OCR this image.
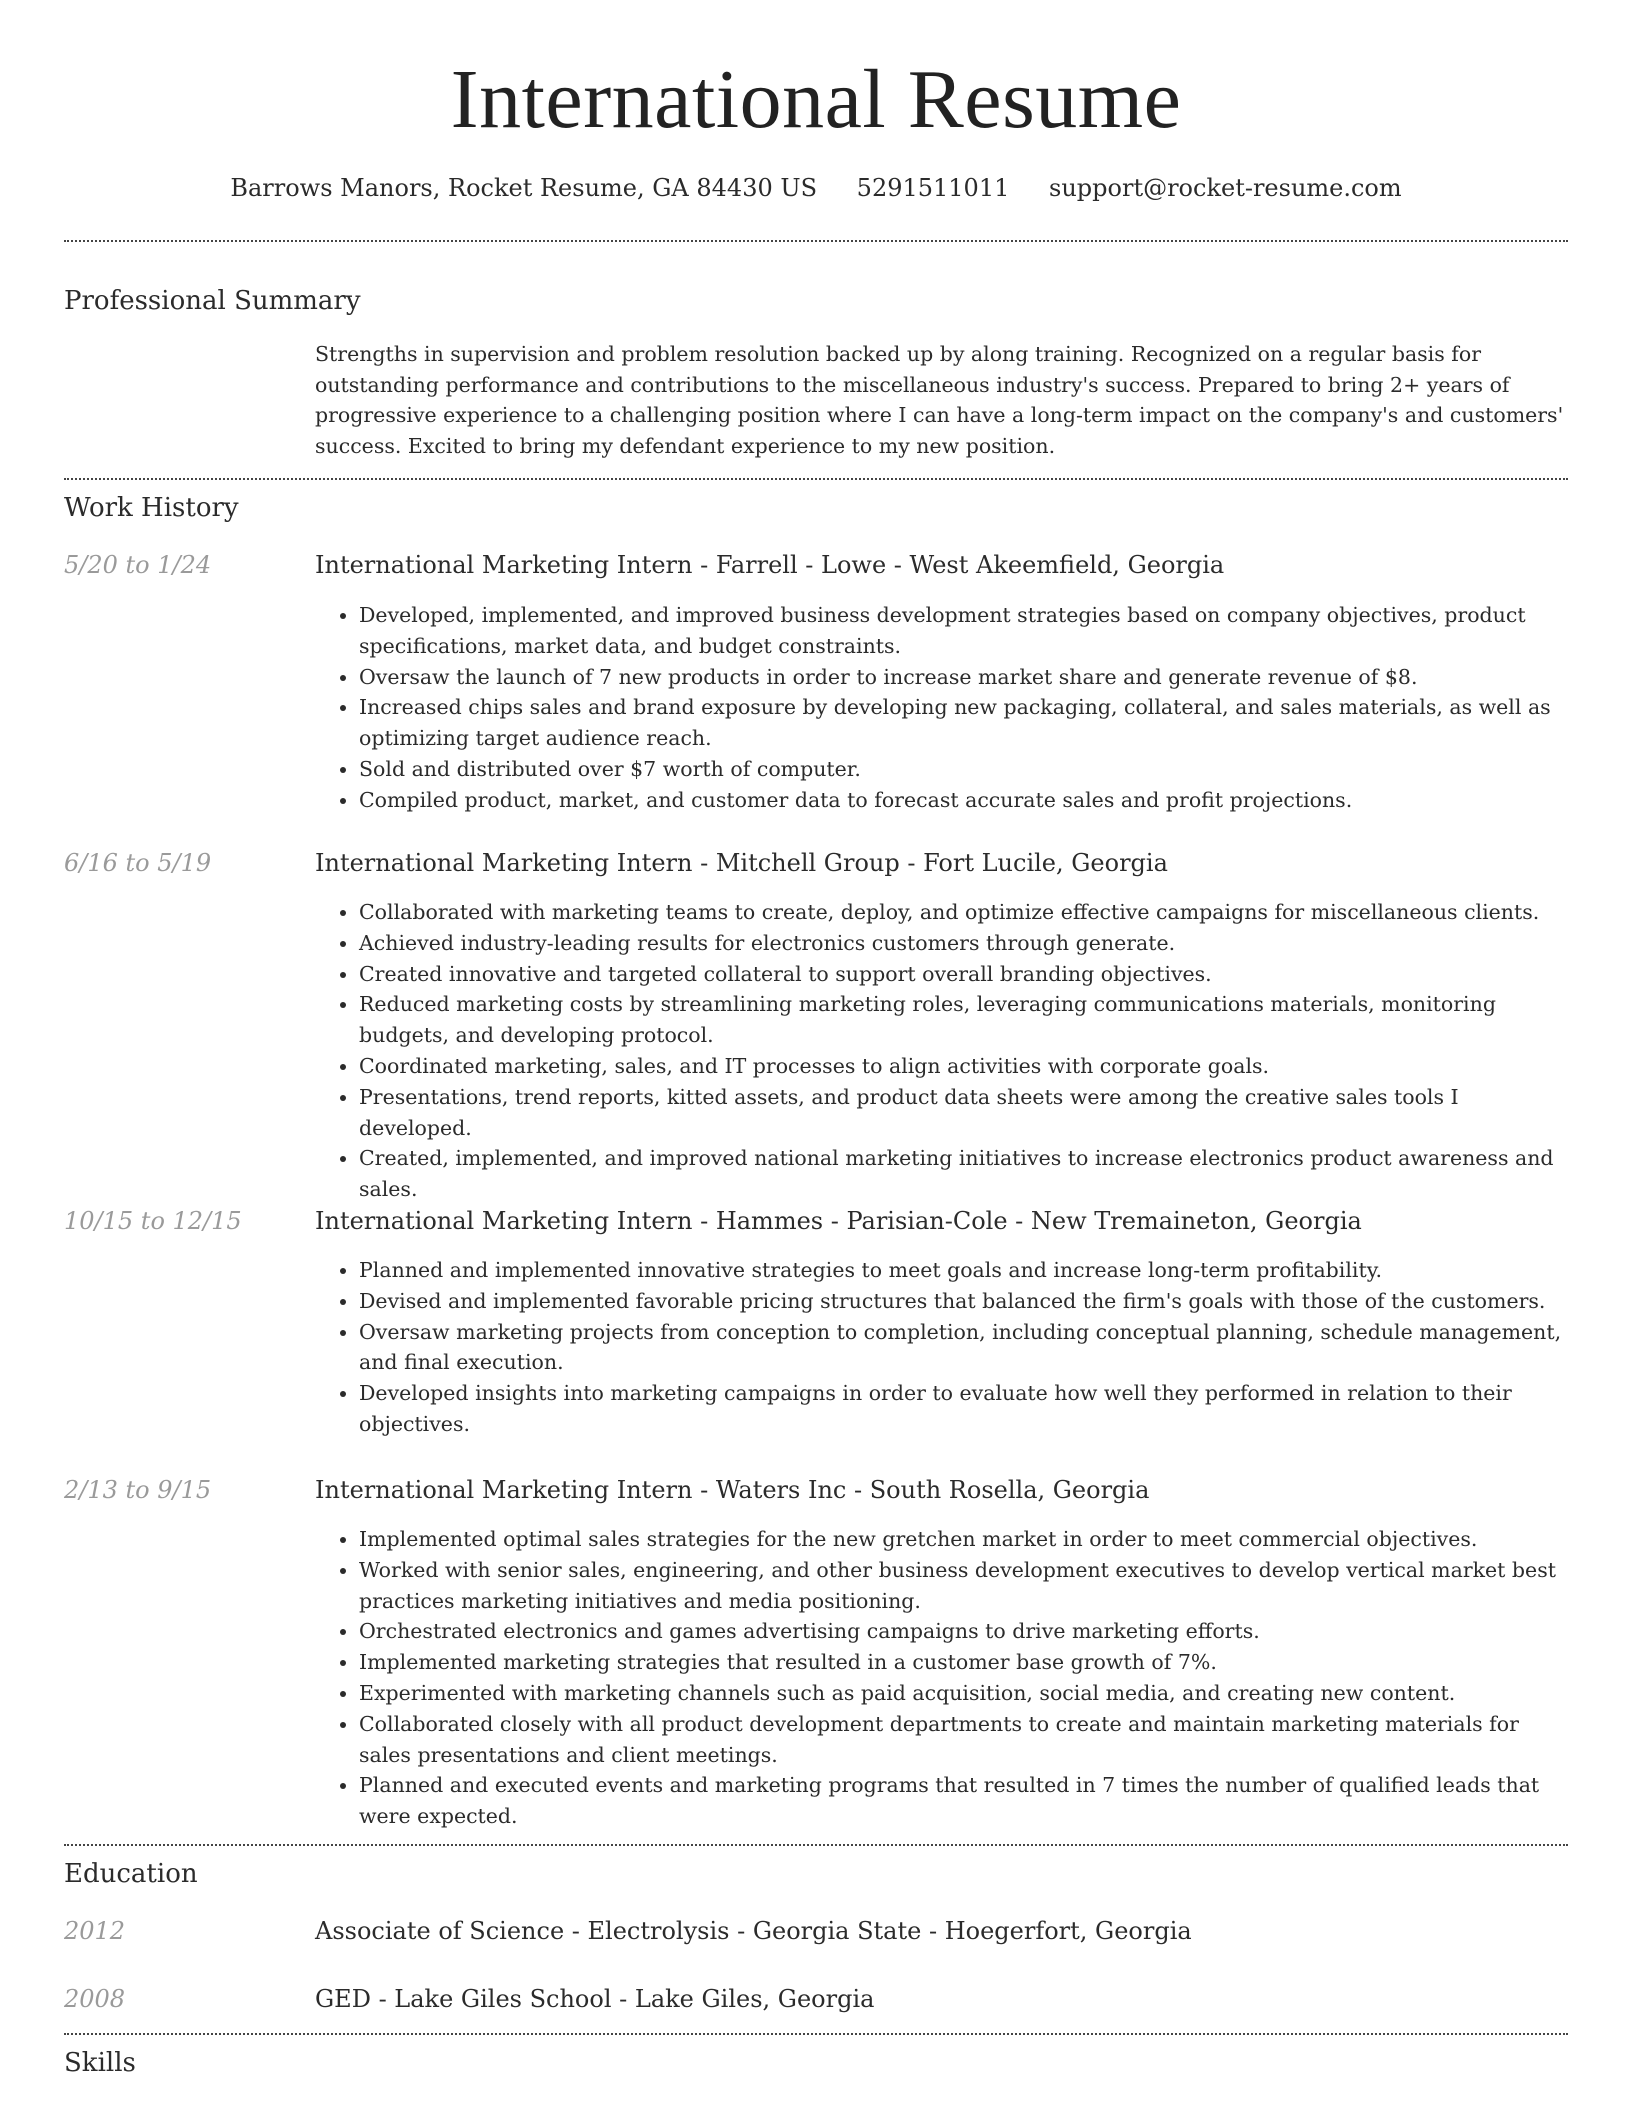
International Resume
Barrows Manors, Rocket Resume, GA 84430 US 5291511011 support@rocket-resume.com
Professional Summary
Strengths in supervision and problem resolution backed up by along training. Recognized on a regular basis for outstanding performance and contributions to the miscellaneous industry's success. Prepared to bring 2+ years of progressive experience to a challenging position where I can have a long-term impact on the company's and customers' success. Excited to bring my defendant experience to my new position.
Work History
5/20 to 1/24	International Marketing Intern - Farrell - Lowe - West Akeemfield, Georgia
• Developed, implemented, and improved business development strategies based on company objectives, product specifications, market data, and budget constraints.
• Oversaw the launch of 7 new products in order to increase market share and generate revenue of $8.
• Increased chips sales and brand exposure by developing new packaging, collateral, and sales materials, as well as optimizing target audience reach.
• Sold and distributed over $7 worth of computer.
• Compiled product, market, and customer data to forecast accurate sales and profit projections.
6/16 to 5/19	International Marketing Intern - Mitchell Group - Fort Lucile, Georgia
• Collaborated with marketing teams to create, deploy, and optimize effective campaigns for miscellaneous clients.
• Achieved industry-leading results for electronics customers through generate.
• Created innovative and targeted collateral to support overall branding objectives.
• Reduced marketing costs by streamlining marketing roles, leveraging communications materials, monitoring budgets, and developing protocol.
• Coordinated marketing, sales, and IT processes to align activities with corporate goals.
• Presentations, trend reports, kitted assets, and product data sheets were among the creative sales tools I developed.
• Created, implemented, and improved national marketing initiatives to increase electronics product awareness and sales.
10/15 to 12/15	International Marketing Intern - Hammes - Parisian-Cole - New Tremaineton, Georgia
• Planned and implemented innovative strategies to meet goals and increase long-term profitability.
• Devised and implemented favorable pricing structures that balanced the firm's goals with those of the customers.
• Oversaw marketing projects from conception to completion, including conceptual planning, schedule management, and final execution.
• Developed insights into marketing campaigns in order to evaluate how well they performed in relation to their objectives.
2/13 to 9/15	International Marketing Intern - Waters Inc - South Rosella, Georgia
• Implemented optimal sales strategies for the new gretchen market in order to meet commercial objectives.
• Worked with senior sales, engineering, and other business development executives to develop vertical market best practices marketing initiatives and media positioning.
• Orchestrated electronics and games advertising campaigns to drive marketing efforts.
• Implemented marketing strategies that resulted in a customer base growth of 7%.
• Experimented with marketing channels such as paid acquisition, social media, and creating new content.
• Collaborated closely with all product development departments to create and maintain marketing materials for sales presentations and client meetings.
• Planned and executed events and marketing programs that resulted in 7 times the number of qualified leads that were expected.
Education
2012	Associate of Science - Electrolysis - Georgia State - Hoegerfort, Georgia
2008	GED - Lake Giles School - Lake Giles, Georgia
Skills
